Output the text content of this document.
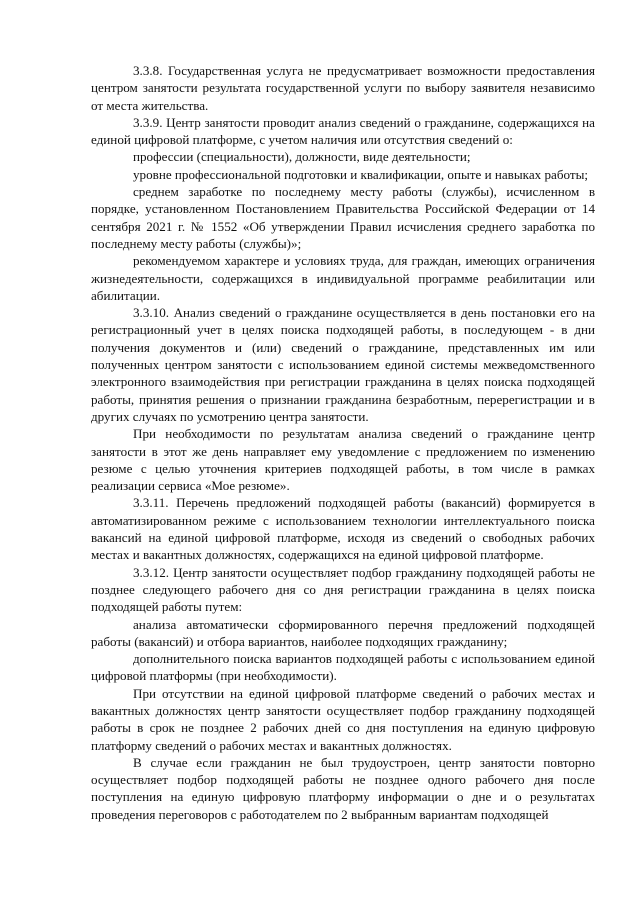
3.3.8. Государственная услуга не предусматривает возможности предоставления центром занятости результата государственной услуги по выбору заявителя независимо от места жительства.

3.3.9. Центр занятости проводит анализ сведений о гражданине, содержащихся на единой цифровой платформе, с учетом наличия или отсутствия сведений о:

профессии (специальности), должности, виде деятельности;

уровне профессиональной подготовки и квалификации, опыте и навыках работы;

среднем заработке по последнему месту работы (службы), исчисленном в порядке, установленном Постановлением Правительства Российской Федерации от 14 сентября 2021 г. № 1552 «Об утверждении Правил исчисления среднего заработка по последнему месту работы (службы)»;

рекомендуемом характере и условиях труда, для граждан, имеющих ограничения жизнедеятельности, содержащихся в индивидуальной программе реабилитации или абилитации.

3.3.10. Анализ сведений о гражданине осуществляется в день постановки его на регистрационный учет в целях поиска подходящей работы, в последующем - в дни получения документов и (или) сведений о гражданине, представленных им или полученных центром занятости с использованием единой системы межведомственного электронного взаимодействия при регистрации гражданина в целях поиска подходящей работы, принятия решения о признании гражданина безработным, перерегистрации и в других случаях по усмотрению центра занятости.

При необходимости по результатам анализа сведений о гражданине центр занятости в этот же день направляет ему уведомление с предложением по изменению резюме с целью уточнения критериев подходящей работы, в том числе в рамках реализации сервиса «Мое резюме».

3.3.11. Перечень предложений подходящей работы (вакансий) формируется в автоматизированном режиме с использованием технологии интеллектуального поиска вакансий на единой цифровой платформе, исходя из сведений о свободных рабочих местах и вакантных должностях, содержащихся на единой цифровой платформе.

3.3.12. Центр занятости осуществляет подбор гражданину подходящей работы не позднее следующего рабочего дня со дня регистрации гражданина в целях поиска подходящей работы путем:

анализа автоматически сформированного перечня предложений подходящей работы (вакансий) и отбора вариантов, наиболее подходящих гражданину;

дополнительного поиска вариантов подходящей работы с использованием единой цифровой платформы (при необходимости).

При отсутствии на единой цифровой платформе сведений о рабочих местах и вакантных должностях центр занятости осуществляет подбор гражданину подходящей работы в срок не позднее 2 рабочих дней со дня поступления на единую цифровую платформу сведений о рабочих местах и вакантных должностях.

В случае если гражданин не был трудоустроен, центр занятости повторно осуществляет подбор подходящей работы не позднее одного рабочего дня после поступления на единую цифровую платформу информации о дне и о результатах проведения переговоров с работодателем по 2 выбранным вариантам подходящей
